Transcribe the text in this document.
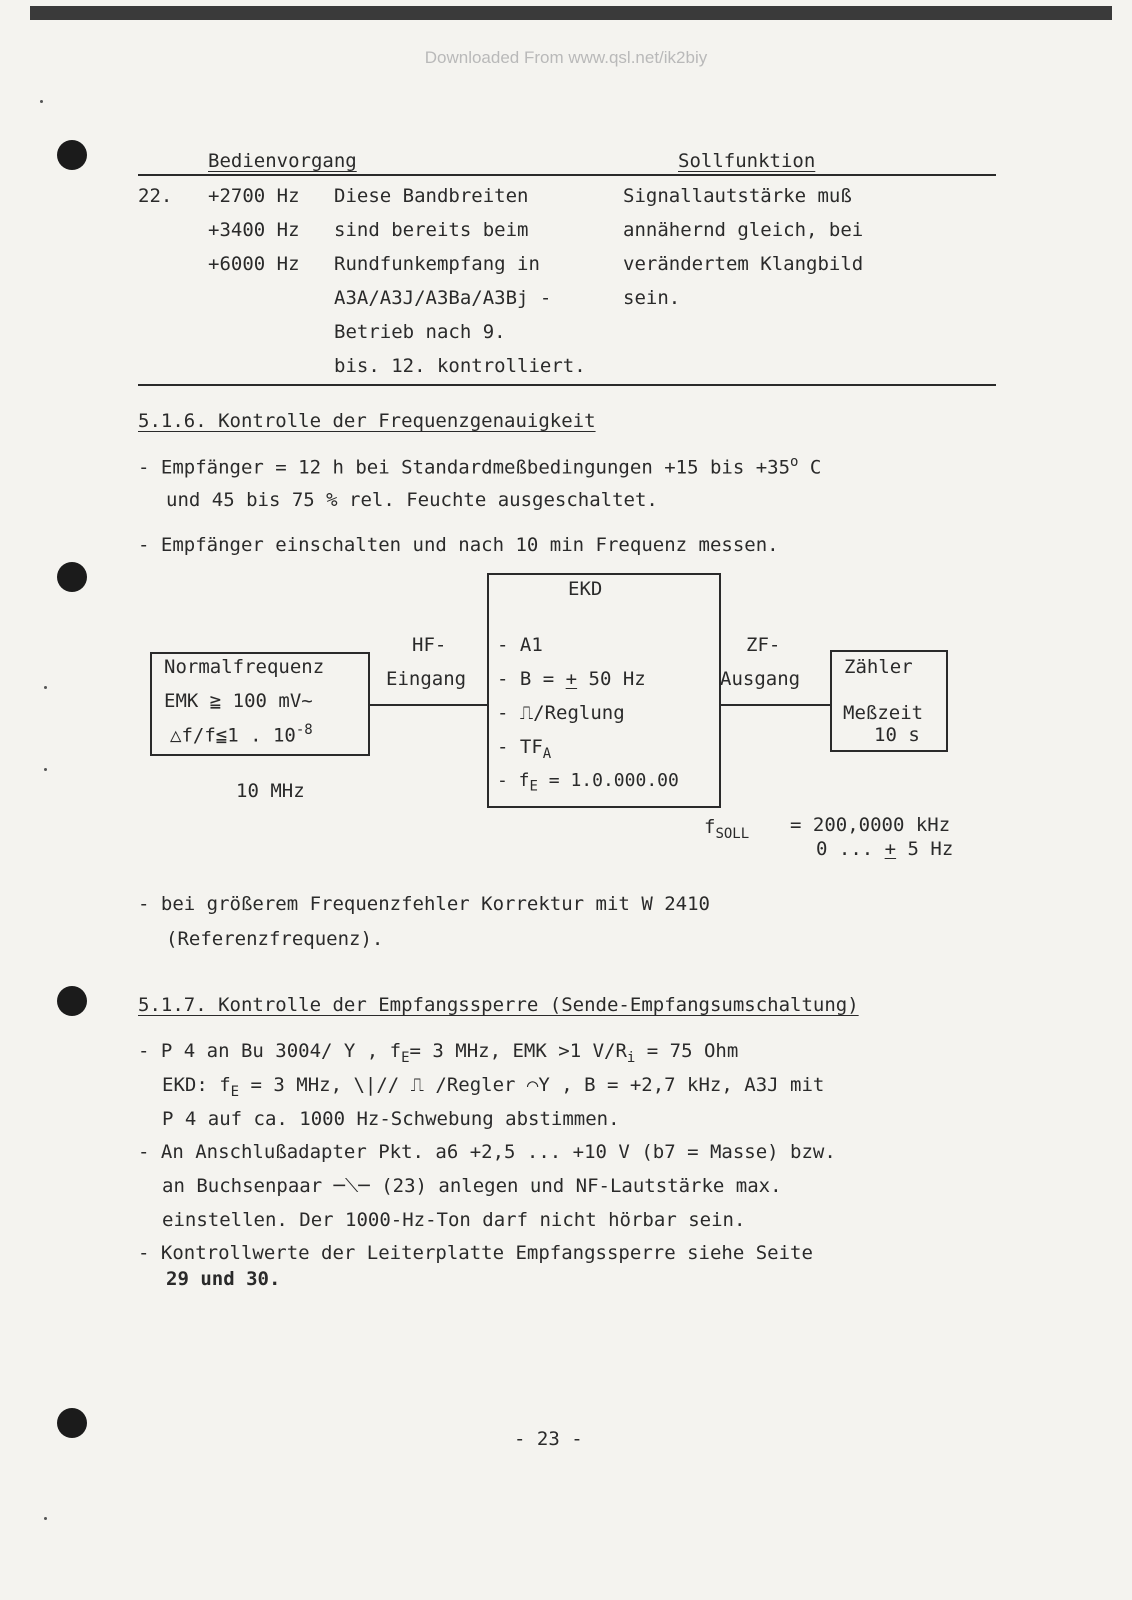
Downloaded From www.qsl.net/ik2biy
Bedienvorgang	Sollfunktion
22. +2700 Hz
+3400 Hz
+6000 Hz
Diese Bandbreiten
sind bereits beim
Rundfunkempfang in
A3A/A3J/A3Ba/A3Bj -
Betrieb nach 9.
bis. 12. kontrolliert.
Signallautstärke muß
annähernd gleich, bei
verändertem Klangbild
sein.
5.1.6. Kontrolle der Frequenzgenauigkeit
- Empfänger = 12 h bei Standardmeßbedingungen +15 bis $+35^o$ C
und 45 bis 75 % rel. Feuchte ausgeschaltet.
- Empfänger einschalten und nach 10 min Frequenz messen.
Normalfrequenz
EMK ≧ 100 mV~
△f/f≦1 . $10^{-8}$
10 MHz
HF-
Eingang
EKD
- A1
- B = + 50 Hz
- ⎍/Reglung
- $TF_A$
- $f_E = 1.0.000.00$
ZF-
Ausgang
Zähler
Meßzeit
10 s
$f_{SOLL} = 200,0000$ kHz
0 ... + 5 Hz
- bei größerem Frequenzfehler Korrektur mit W 2410
(Referenzfrequenz).
5.1.7. Kontrolle der Empfangssperre (Sende-Empfangsumschaltung)
- P 4 an Bu 3004/ Y , $f_E= 3$ MHz, EMK >1 $V/R_i = 75$ Ohm
EKD: $f_E = 3$ MHz, \|// ⎍ /Regler ⌒Y , B = +2,7 kHz, A3J mit
P 4 auf ca. 1000 Hz-Schwebung abstimmen.
- An Anschlußadapter Pkt. a6 +2,5 ... +10 V (b7 = Masse) bzw.
an Buchsenpaar ─⟍─ (23) anlegen und NF-Lautstärke max.
einstellen. Der 1000-Hz-Ton darf nicht hörbar sein.
- Kontrollwerte der Leiterplatte Empfangssperre siehe Seite
29 und 30.
- 23 -
